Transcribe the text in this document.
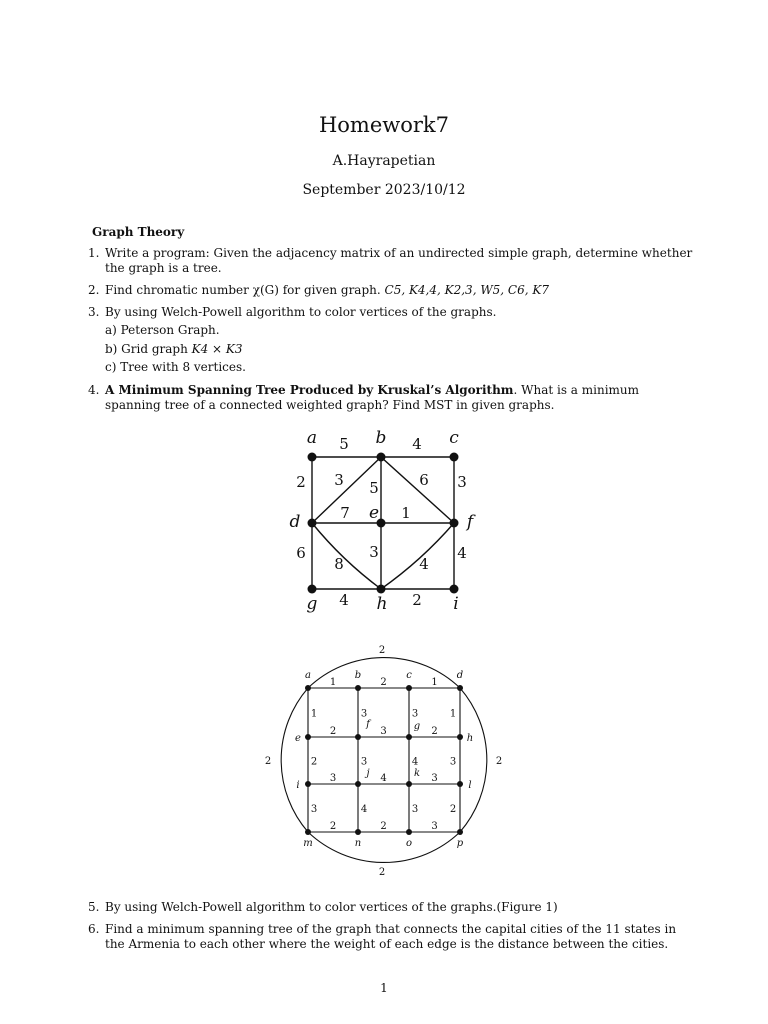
Homework7
A.Hayrapetian
September 2023/10/12
Graph Theory
1. Write a program: Given the adjacency matrix of an undirected simple graph, determine whether the graph is a tree.
2. Find chromatic number χ(G) for given graph. C5, K4,4, K2,3, W5, C6, K7
3. By using Welch-Powell algorithm to color vertices of the graphs.
a) Peterson Graph.
b) Grid graph K4 × K3
c) Tree with 8 vertices.
4. A Minimum Spanning Tree Produced by Kruskal’s Algorithm. What is a minimum spanning tree of a connected weighted graph? Find MST in given graphs.
5	4
2	3
3 5	6
7	1
6
8
3
4
4
4	2
a	b	c
d	e	f
g	h	i
2
2	2
2
1	2	1
2	3	2
3	4	3
2	2	3
1
2
3
3
3
4
3
4
3
1
3
2
a	b	c	d
e
f	g
h
i
j	k
l
m	n	o	p
5. By using Welch-Powell algorithm to color vertices of the graphs.(Figure 1)
6. Find a minimum spanning tree of the graph that connects the capital cities of the 11 states in the Armenia to each other where the weight of each edge is the distance between the cities.
1
